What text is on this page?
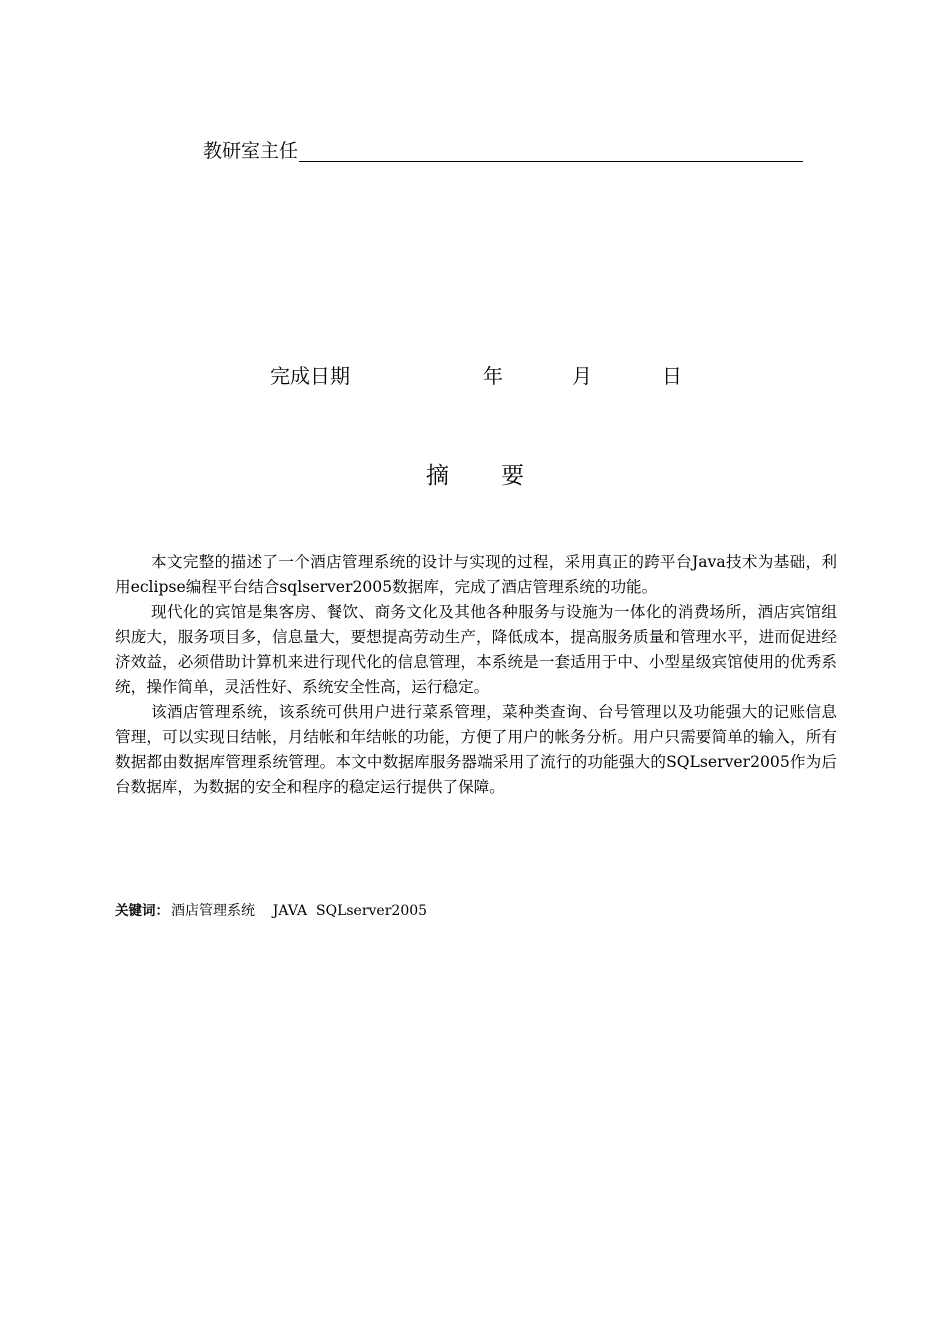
教研室主任
完成日期	年	月	日
摘 要

本文完整的描述了一个酒店管理系统的设计与实现的过程，采用真正的跨平台Java技术为基础，利用eclipse编程平台结合sqlserver2005数据库，完成了酒店管理系统的功能。

现代化的宾馆是集客房、餐饮、商务文化及其他各种服务与设施为一体化的消费场所，酒店宾馆组织庞大，服务项目多，信息量大，要想提高劳动生产，降低成本，提高服务质量和管理水平，进而促进经济效益，必须借助计算机来进行现代化的信息管理，本系统是一套适用于中、小型星级宾馆使用的优秀系统，操作简单，灵活性好、系统安全性高，运行稳定。

该酒店管理系统，该系统可供用户进行菜系管理，菜种类查询、台号管理以及功能强大的记账信息管理，可以实现日结帐，月结帐和年结帐的功能，方便了用户的帐务分析。用户只需要简单的输入，所有数据都由数据库管理系统管理。本文中数据库服务器端采用了流行的功能强大的SQLserver2005作为后台数据库，为数据的安全和程序的稳定运行提供了保障。

关键词： 酒店管理系统    JAVA  SQLserver2005
